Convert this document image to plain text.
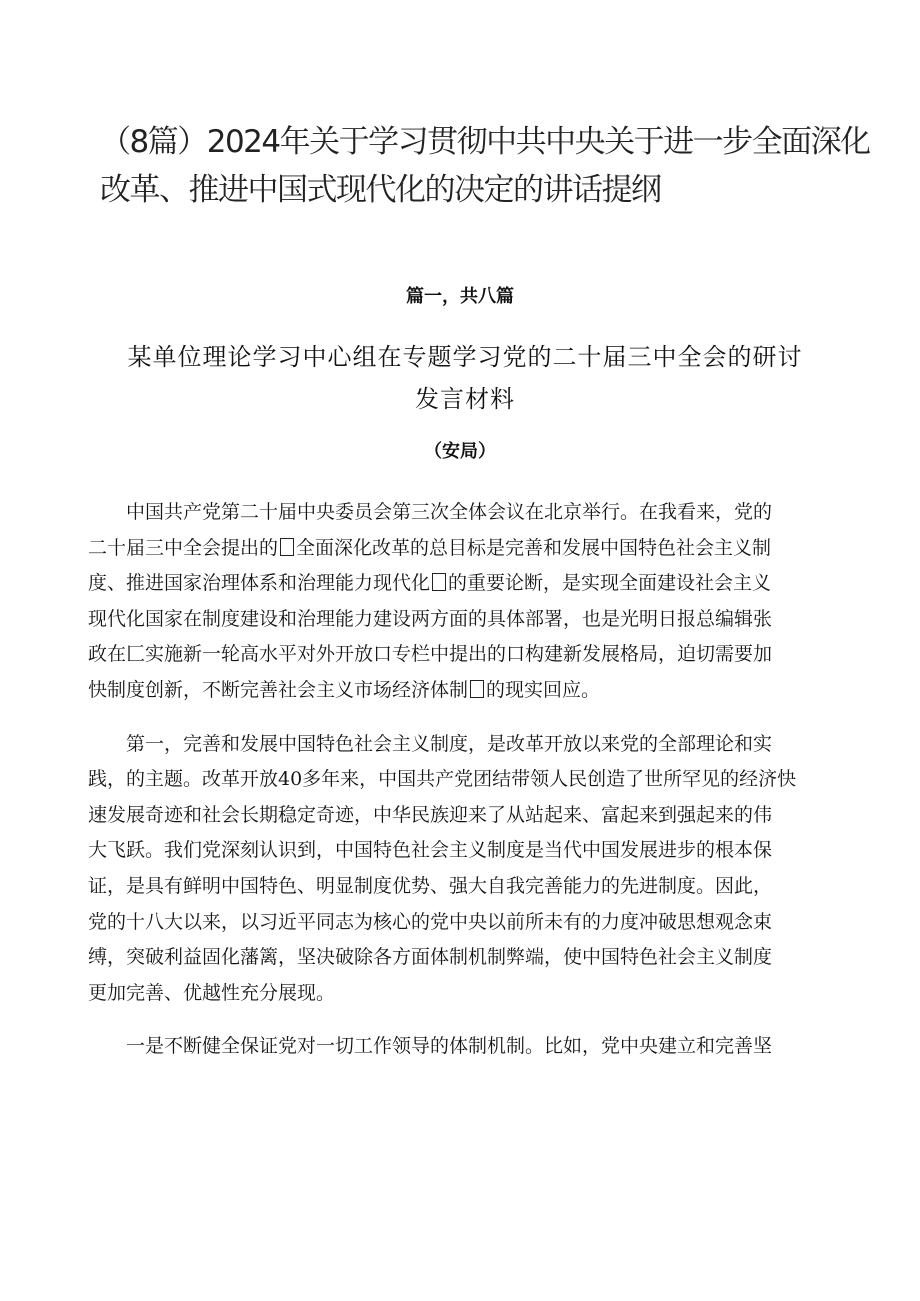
（8篇）2024年关于学习贯彻中共中央关于进一步全面深化
改革、推进中国式现代化的决定的讲话提纲
篇一，共八篇
某单位理论学习中心组在专题学习党的二十届三中全会的研讨
发言材料
（安局）

中国共产党第二十届中央委员会第三次全体会议在北京举行。在我看来，党的
二十届三中全会提出的 全面深化改革的总目标是完善和发展中国特色社会主义制
度、推进国家治理体系和治理能力现代化 的重要论断，是实现全面建设社会主义
现代化国家在制度建设和治理能力建设两方面的具体部署，也是光明日报总编辑张
政在匚实施新一轮高水平对外开放口专栏中提出的口构建新发展格局，迫切需要加
快制度创新，不断完善社会主义市场经济体制 的现实回应。

第一，完善和发展中国特色社会主义制度，是改革开放以来党的全部理论和实
践，的主题。改革开放40多年来，中国共产党团结带领人民创造了世所罕见的经济快
速发展奇迹和社会长期稳定奇迹，中华民族迎来了从站起来、富起来到强起来的伟
大飞跃。我们党深刻认识到，中国特色社会主义制度是当代中国发展进步的根本保
证，是具有鲜明中国特色、明显制度优势、强大自我完善能力的先进制度。因此，
党的十八大以来，以习近平同志为核心的党中央以前所未有的力度冲破思想观念束
缚，突破利益固化藩篱，坚决破除各方面体制机制弊端，使中国特色社会主义制度
更加完善、优越性充分展现。

一是不断健全保证党对一切工作领导的体制机制。比如，党中央建立和完善坚
